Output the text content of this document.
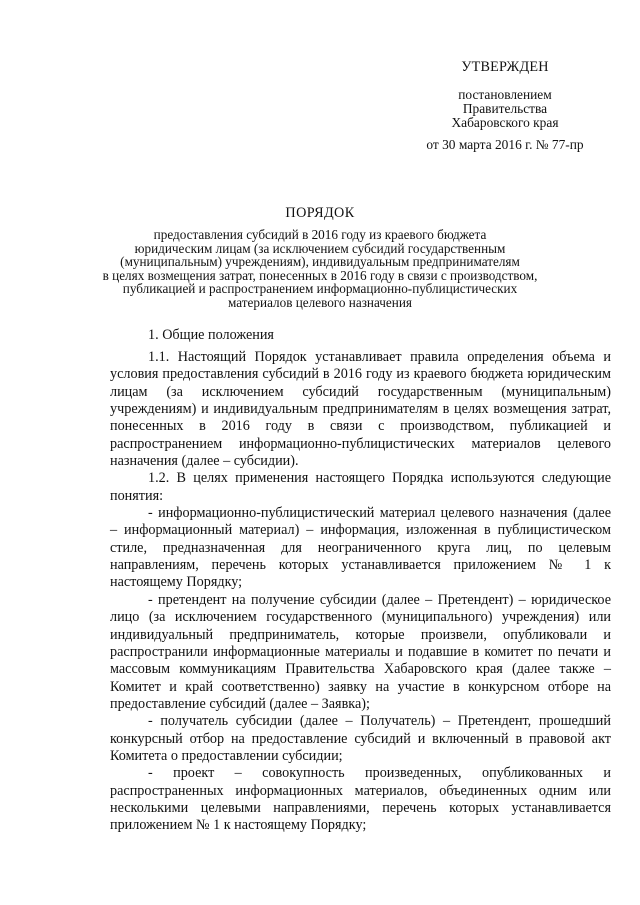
УТВЕРЖДЕН
постановлением
Правительства
Хабаровского края
от 30 марта 2016 г. № 77-пр
ПОРЯДОК
предоставления субсидий в 2016 году из краевого бюджета
юридическим лицам (за исключением субсидий государственным
(муниципальным) учреждениям), индивидуальным предпринимателям
в целях возмещения затрат, понесенных в 2016 году в связи с производством,
публикацией и распространением информационно-публицистических
материалов целевого назначения
1. Общие положения

1.1. Настоящий Порядок устанавливает правила определения объема и условия предоставления субсидий в 2016 году из краевого бюджета юридическим лицам (за исключением субсидий государственным (муниципальным) учреждениям) и индивидуальным предпринимателям в целях возмещения затрат, понесенных в 2016 году в связи с производством, публикацией и распространением информационно-публицистических материалов целевого назначения (далее – субсидии).

1.2. В целях применения настоящего Порядка используются следующие понятия:

- информационно-публицистический материал целевого назначения (далее – информационный материал) – информация, изложенная в публицистическом стиле, предназначенная для неограниченного круга лиц, по целевым направлениям, перечень которых устанавливается приложением № 1 к настоящему Порядку;

- претендент на получение субсидии (далее – Претендент) – юридическое лицо (за исключением государственного (муниципального) учреждения) или индивидуальный предприниматель, которые произвели, опубликовали и распространили информационные материалы и подавшие в комитет по печати и массовым коммуникациям Правительства Хабаровского края (далее также – Комитет и край соответственно) заявку на участие в конкурсном отборе на предоставление субсидий (далее – Заявка);

- получатель субсидии (далее – Получатель) – Претендент, прошедший конкурсный отбор на предоставление субсидий и включенный в правовой акт Комитета о предоставлении субсидии;

- проект – совокупность произведенных, опубликованных и распространенных информационных материалов, объединенных одним или несколькими целевыми направлениями, перечень которых устанавливается приложением № 1 к настоящему Порядку;
